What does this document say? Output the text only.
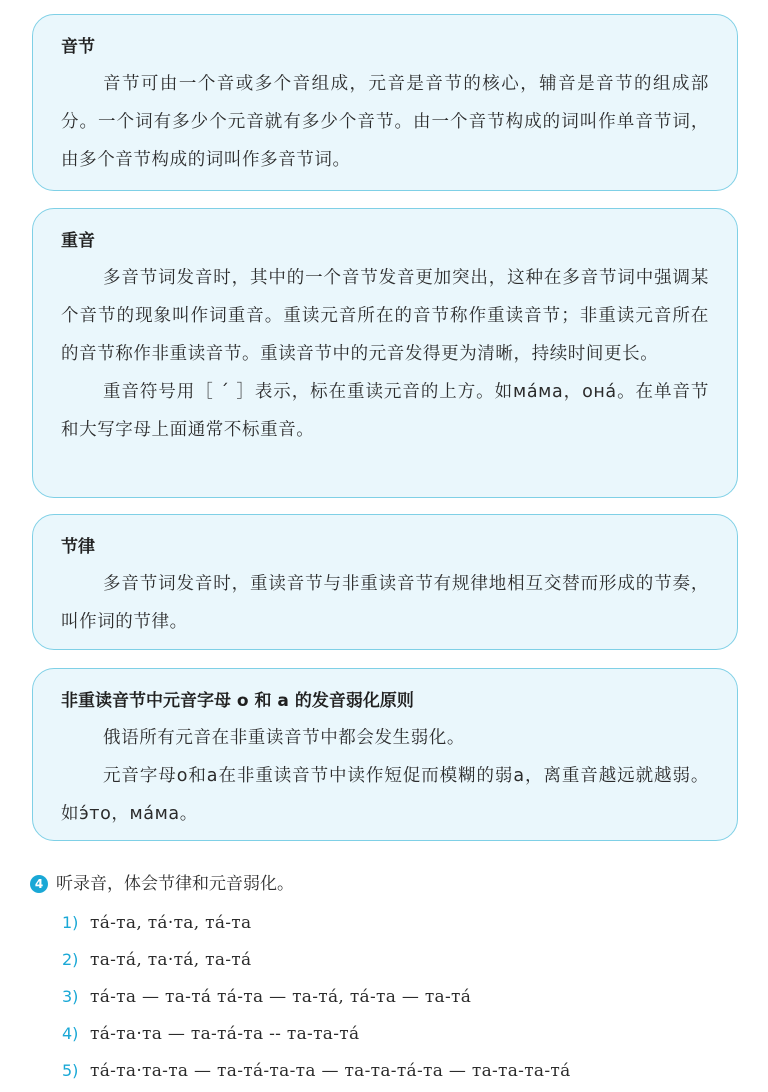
音节

音节可由一个音或多个音组成，元音是音节的核心，辅音是音节的组成部分。一个词有多少个元音就有多少个音节。由一个音节构成的词叫作单音节词，由多个音节构成的词叫作多音节词。

重音

多音节词发音时，其中的一个音节发音更加突出，这种在多音节词中强调某个音节的现象叫作词重音。重读元音所在的音节称作重读音节；非重读元音所在的音节称作非重读音节。重读音节中的元音发得更为清晰，持续时间更长。

重音符号用［ ˊ ］表示，标在重读元音的上方。如ма́ма，она́。在单音节和大写字母上面通常不标重音。

节律

多音节词发音时，重读音节与非重读音节有规律地相互交替而形成的节奏，叫作词的节律。

非重读音节中元音字母 o 和 a 的发音弱化原则

俄语所有元音在非重读音节中都会发生弱化。

元音字母o和a在非重读音节中读作短促而模糊的弱a，离重音越远就越弱。如э́то，ма́ма。

4 听录音，体会节律和元音弱化。
1) та́-та, та́·та, та́-та
2) та-та́, та·та́, та-та́
3) та́-та — та-та́ та́-та — та-та́, та́-та — та-та́
4) та́-та·та — та-та́-та -- та-та-та́
5) та́-та·та-та — та-та́-та-та — та-та-та́-та — та-та-та-та́
